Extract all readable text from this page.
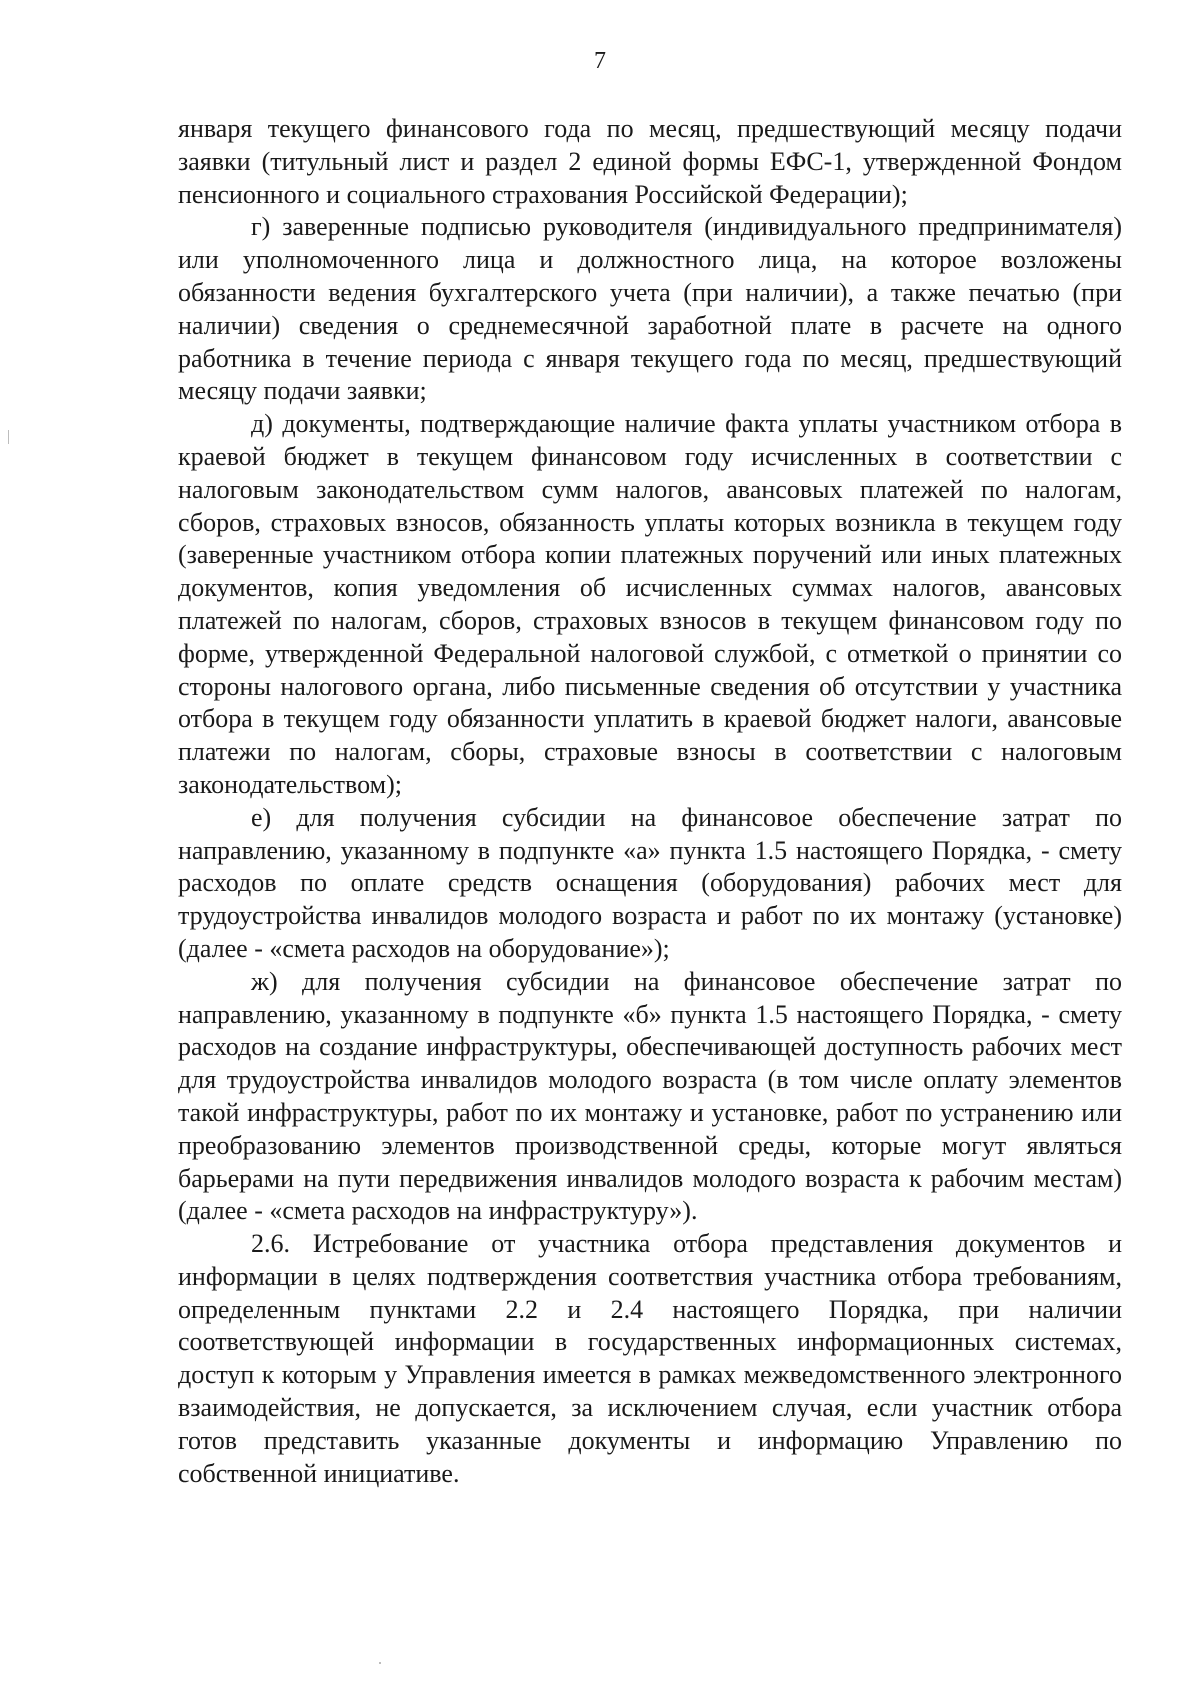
7

января текущего финансового года по месяц, предшествующий месяцу подачи заявки (титульный лист и раздел 2 единой формы ЕФС-1, утвержденной Фондом пенсионного и социального страхования Российской Федерации);

г) заверенные подписью руководителя (индивидуального предпринимателя) или уполномоченного лица и должностного лица, на которое возложены обязанности ведения бухгалтерского учета (при наличии), а также печатью (при наличии) сведения о среднемесячной заработной плате в расчете на одного работника в течение периода с января текущего года по месяц, предшествующий месяцу подачи заявки;

д) документы, подтверждающие наличие факта уплаты участником отбора в краевой бюджет в текущем финансовом году исчисленных в соответствии с налоговым законодательством сумм налогов, авансовых платежей по налогам, сборов, страховых взносов, обязанность уплаты которых возникла в текущем году (заверенные участником отбора копии платежных поручений или иных платежных документов, копия уведомления об исчисленных суммах налогов, авансовых платежей по налогам, сборов, страховых взносов в текущем финансовом году по форме, утвержденной Федеральной налоговой службой, с отметкой о принятии со стороны налогового органа, либо письменные сведения об отсутствии у участника отбора в текущем году обязанности уплатить в краевой бюджет налоги, авансовые платежи по налогам, сборы, страховые взносы в соответствии с налоговым законодательством);

е) для получения субсидии на финансовое обеспечение затрат по направлению, указанному в подпункте «а» пункта 1.5 настоящего Порядка, - смету расходов по оплате средств оснащения (оборудования) рабочих мест для трудоустройства инвалидов молодого возраста и работ по их монтажу (установке) (далее - «смета расходов на оборудование»);

ж) для получения субсидии на финансовое обеспечение затрат по направлению, указанному в подпункте «б» пункта 1.5 настоящего Порядка, - смету расходов на создание инфраструктуры, обеспечивающей доступность рабочих мест для трудоустройства инвалидов молодого возраста (в том числе оплату элементов такой инфраструктуры, работ по их монтажу и установке, работ по устранению или преобразованию элементов производственной среды, которые могут являться барьерами на пути передвижения инвалидов молодого возраста к рабочим местам) (далее - «смета расходов на инфраструктуру»).

2.6. Истребование от участника отбора представления документов и информации в целях подтверждения соответствия участника отбора требованиям, определенным пунктами 2.2 и 2.4 настоящего Порядка, при наличии соответствующей информации в государственных информационных системах, доступ к которым у Управления имеется в рамках межведомственного электронного взаимодействия, не допускается, за исключением случая, если участник отбора готов представить указанные документы и информацию Управлению по собственной инициативе.
